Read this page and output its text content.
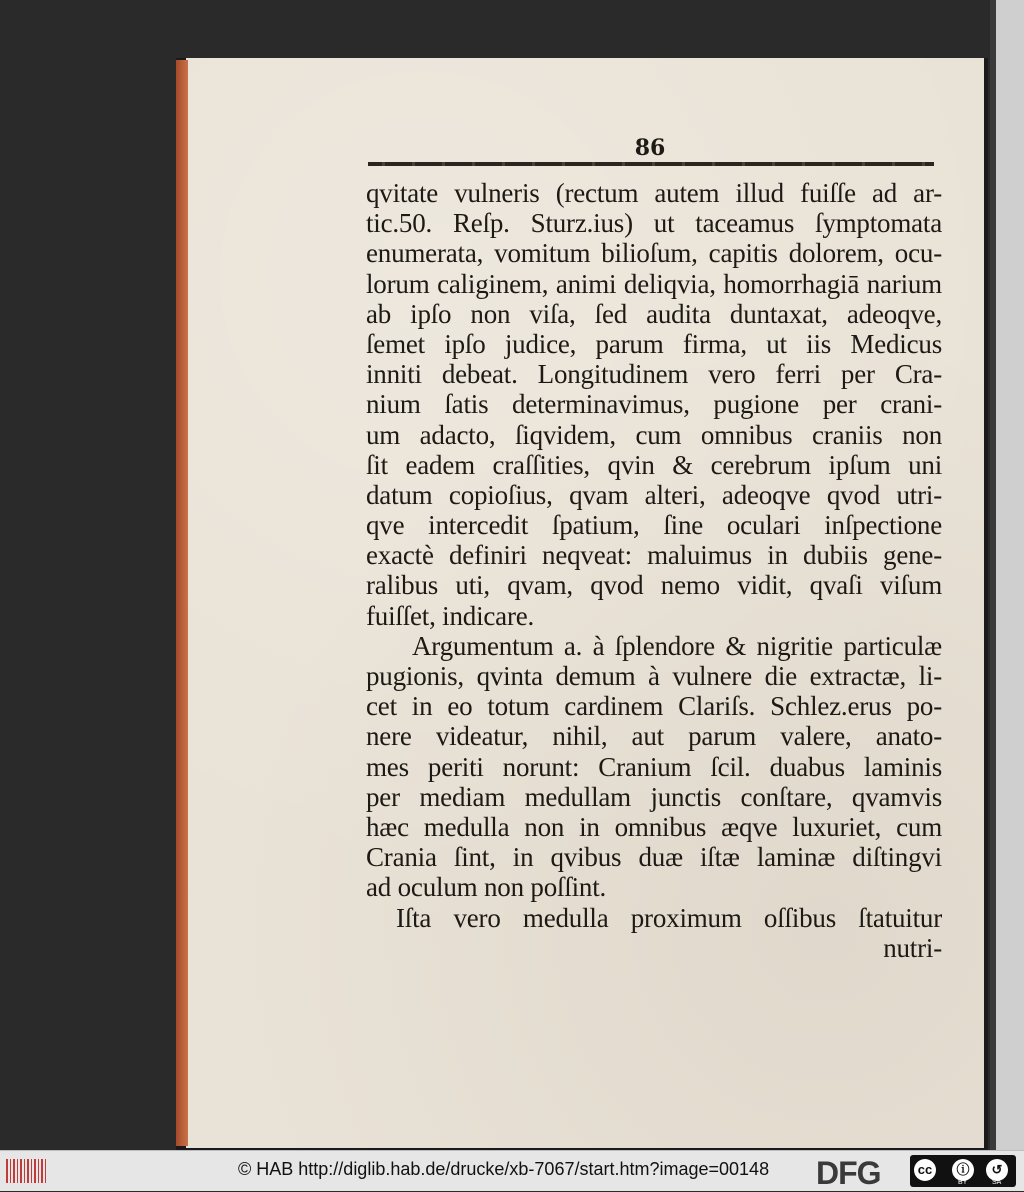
86
qvitate vulneris (rectum autem illud fuiſſe ad ar-
tic.50. Reſp. Sturz.ius) ut taceamus ſymptomata
enumerata, vomitum bilioſum, capitis dolorem, ocu-
lorum caliginem, animi deliqvia, homorrhagiā narium
ab ipſo non viſa, ſed audita duntaxat, adeoqve,
ſemet ipſo judice, parum firma, ut iis Medicus
inniti debeat. Longitudinem vero ferri per Cra-
nium ſatis determinavimus, pugione per crani-
um adacto, ſiqvidem, cum omnibus craniis non
ſit eadem craſſities, qvin & cerebrum ipſum uni
datum copioſius, qvam alteri, adeoqve qvod utri-
qve intercedit ſpatium, ſine oculari inſpectione
exactè definiri neqveat: maluimus in dubiis gene-
ralibus uti, qvam, qvod nemo vidit, qvaſi viſum
fuiſſet, indicare.
Argumentum a. à ſplendore & nigritie particulæ
pugionis, qvinta demum à vulnere die extractæ, li-
cet in eo totum cardinem Clariſs. Schlez.erus po-
nere videatur, nihil, aut parum valere, anato-
mes periti norunt: Cranium ſcil. duabus laminis
per mediam medullam junctis conſtare, qvamvis
hæc medulla non in omnibus æqve luxuriet, cum
Crania ſint, in qvibus duæ iſtæ laminæ diſtingvi
ad oculum non poſſint.
Iſta vero medulla proximum oſſibus ſtatuitur
nutri-
© HAB http://diglib.hab.de/drucke/xb-7067/start.htm?image=00148 DFG	cc	ⓘ	↺
BY	SA
